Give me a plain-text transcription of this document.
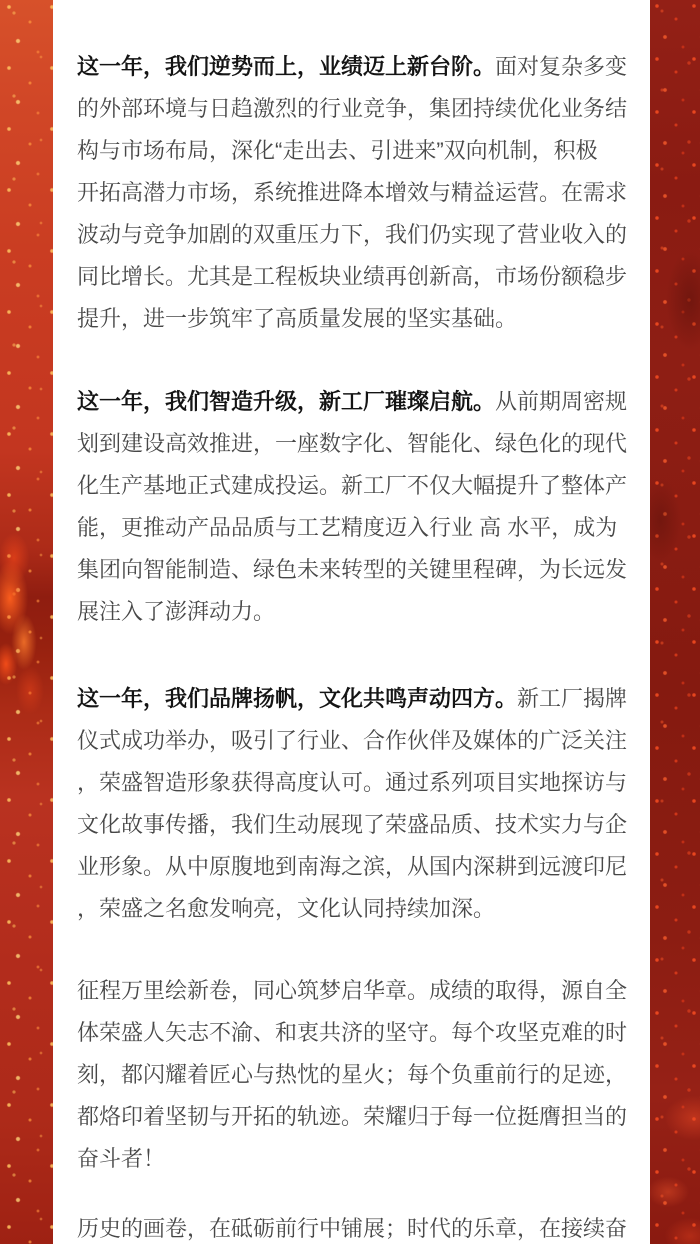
这一年，我们逆势而上，业绩迈上新台阶。面对复杂多变
的外部环境与日趋激烈的行业竞争，集团持续优化业务结
构与市场布局，深化“走出去、引进来”双向机制，积极
开拓高潜力市场，系统推进降本增效与精益运营。在需求
波动与竞争加剧的双重压力下，我们仍实现了营业收入的
同比增长。尤其是工程板块业绩再创新高，市场份额稳步
提升，进一步筑牢了高质量发展的坚实基础。
这一年，我们智造升级，新工厂璀璨启航。从前期周密规
划到建设高效推进，一座数字化、智能化、绿色化的现代
化生产基地正式建成投运。新工厂不仅大幅提升了整体产
能，更推动产品品质与工艺精度迈入行业 高 水平，成为
集团向智能制造、绿色未来转型的关键里程碑，为长远发
展注入了澎湃动力。
这一年，我们品牌扬帆，文化共鸣声动四方。新工厂揭牌
仪式成功举办，吸引了行业、合作伙伴及媒体的广泛关注
，荣盛智造形象获得高度认可。通过系列项目实地探访与
文化故事传播，我们生动展现了荣盛品质、技术实力与企
业形象。从中原腹地到南海之滨，从国内深耕到远渡印尼
，荣盛之名愈发响亮，文化认同持续加深。
征程万里绘新卷，同心筑梦启华章。成绩的取得，源自全
体荣盛人矢志不渝、和衷共济的坚守。每个攻坚克难的时
刻，都闪耀着匠心与热忱的星火；每个负重前行的足迹，
都烙印着坚韧与开拓的轨迹。荣耀归于每一位挺膺担当的
奋斗者！
历史的画卷，在砥砺前行中铺展；时代的乐章，在接续奋
